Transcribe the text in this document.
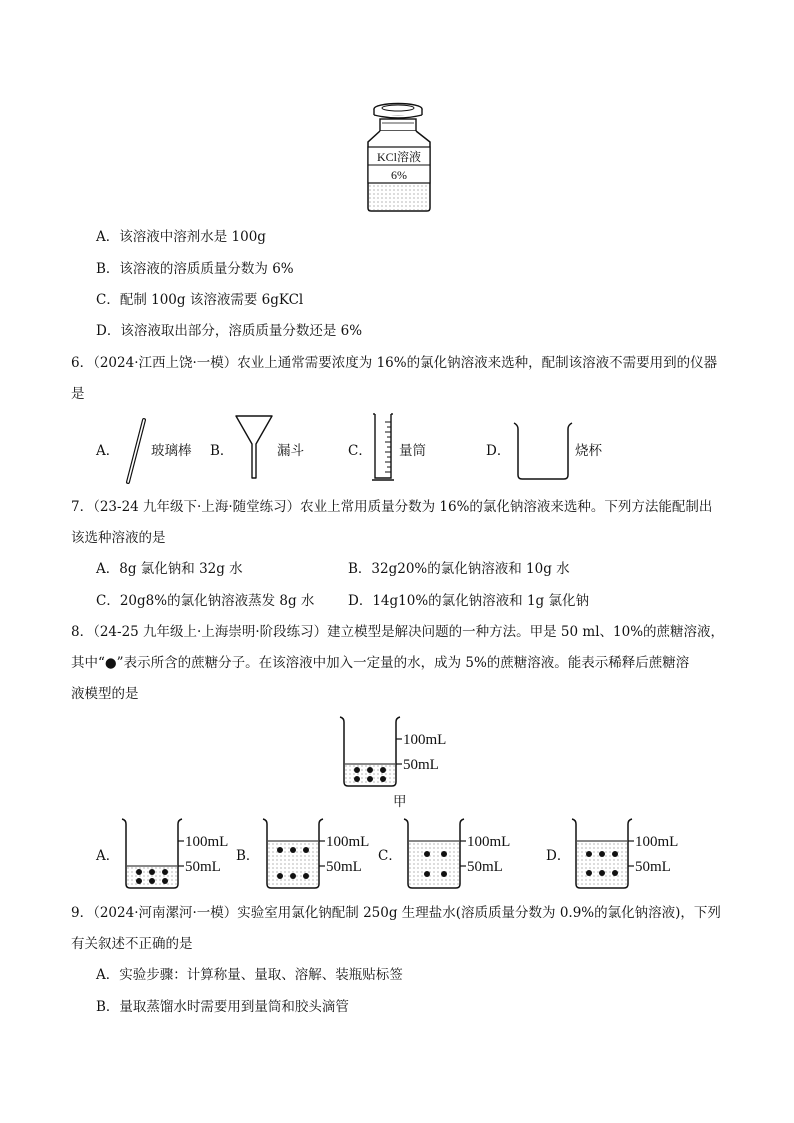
KCl溶液
6%
A．该溶液中溶剂水是 100g
B．该溶液的溶质质量分数为 6%
C．配制 100g 该溶液需要 6gKCl
D．该溶液取出部分，溶质质量分数还是 6%
6．（2024·江西上饶·一模）农业上通常需要浓度为 16%的氯化钠溶液来选种，配制该溶液不需要用到的仪器
是
A． 玻璃棒 B．	漏斗	C． 量筒	D．	烧杯
7．（23-24 九年级下·上海·随堂练习）农业上常用质量分数为 16%的氯化钠溶液来选种。下列方法能配制出
该选种溶液的是
A．8g 氯化钠和 32g 水	B．32g20%的氯化钠溶液和 10g 水
C．20g8%的氯化钠溶液蒸发 8g 水 D．14g10%的氯化钠溶液和 1g 氯化钠
8．（24-25 九年级上·上海崇明·阶段练习）建立模型是解决问题的一种方法。甲是 50 ml、10%的蔗糖溶液，
其中“●”表示所含的蔗糖分子。在该溶液中加入一定量的水，成为 5%的蔗糖溶液。能表示稀释后蔗糖溶
液模型的是
100mL
50mL
甲
A．
100mL
50mL
B．
100mL
50mL
C．
100mL
50mL
D．
100mL
50mL
9．（2024·河南漯河·一模）实验室用氯化钠配制 250g 生理盐水(溶质质量分数为 0.9%的氯化钠溶液)，下列
有关叙述不正确的是
A．实验步骤：计算称量、量取、溶解、装瓶贴标签
B．量取蒸馏水时需要用到量筒和胶头滴管
